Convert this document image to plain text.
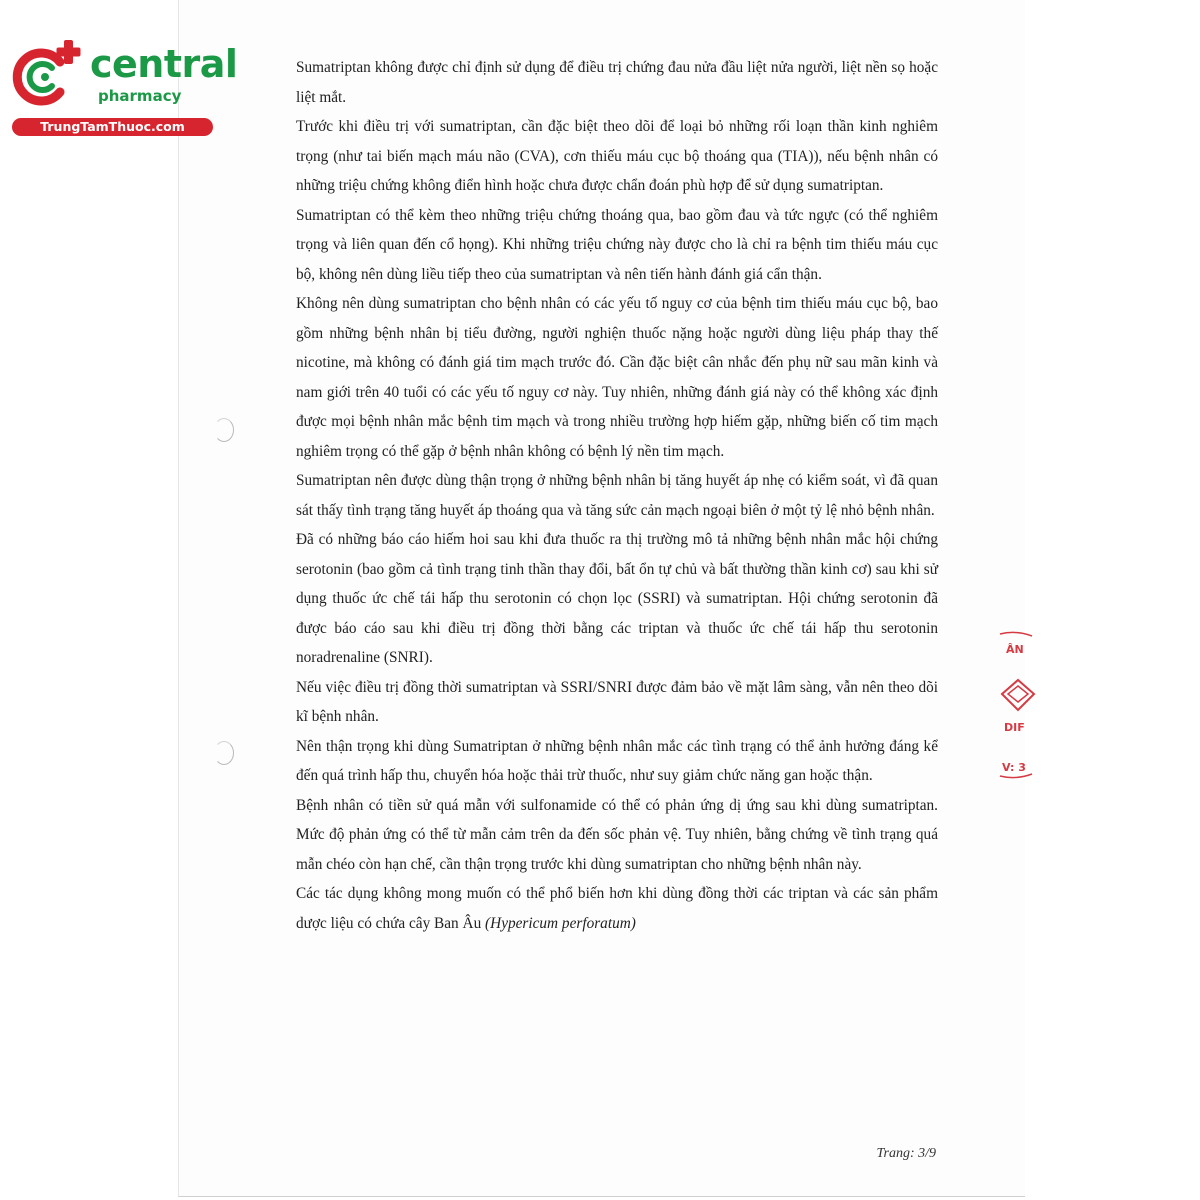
central
pharmacy
TrungTamThuoc.com

Sumatriptan không được chỉ định sử dụng để điều trị chứng đau nửa đầu liệt nửa người, liệt nền sọ hoặc liệt mắt.

Trước khi điều trị với sumatriptan, cần đặc biệt theo dõi để loại bỏ những rối loạn thần kinh nghiêm trọng (như tai biến mạch máu não (CVA), cơn thiếu máu cục bộ thoáng qua (TIA)), nếu bệnh nhân có những triệu chứng không điển hình hoặc chưa được chẩn đoán phù hợp để sử dụng sumatriptan.

Sumatriptan có thể kèm theo những triệu chứng thoáng qua, bao gồm đau và tức ngực (có thể nghiêm trọng và liên quan đến cổ họng). Khi những triệu chứng này được cho là chỉ ra bệnh tim thiếu máu cục bộ, không nên dùng liều tiếp theo của sumatriptan và nên tiến hành đánh giá cẩn thận.

Không nên dùng sumatriptan cho bệnh nhân có các yếu tố nguy cơ của bệnh tim thiếu máu cục bộ, bao gồm những bệnh nhân bị tiểu đường, người nghiện thuốc nặng hoặc người dùng liệu pháp thay thế nicotine, mà không có đánh giá tim mạch trước đó. Cần đặc biệt cân nhắc đến phụ nữ sau mãn kinh và nam giới trên 40 tuổi có các yếu tố nguy cơ này. Tuy nhiên, những đánh giá này có thể không xác định được mọi bệnh nhân mắc bệnh tim mạch và trong nhiều trường hợp hiếm gặp, những biến cố tim mạch nghiêm trọng có thể gặp ở bệnh nhân không có bệnh lý nền tim mạch.

Sumatriptan nên được dùng thận trọng ở những bệnh nhân bị tăng huyết áp nhẹ có kiểm soát, vì đã quan sát thấy tình trạng tăng huyết áp thoáng qua và tăng sức cản mạch ngoại biên ở một tỷ lệ nhỏ bệnh nhân.

Đã có những báo cáo hiếm hoi sau khi đưa thuốc ra thị trường mô tả những bệnh nhân mắc hội chứng serotonin (bao gồm cả tình trạng tinh thần thay đổi, bất ổn tự chủ và bất thường thần kinh cơ) sau khi sử dụng thuốc ức chế tái hấp thu serotonin có chọn lọc (SSRI) và sumatriptan. Hội chứng serotonin đã được báo cáo sau khi điều trị đồng thời bằng các triptan và thuốc ức chế tái hấp thu serotonin noradrenaline (SNRI).

Nếu việc điều trị đồng thời sumatriptan và SSRI/SNRI được đảm bảo về mặt lâm sàng, vẫn nên theo dõi kĩ bệnh nhân.

Nên thận trọng khi dùng Sumatriptan ở những bệnh nhân mắc các tình trạng có thể ảnh hưởng đáng kể đến quá trình hấp thu, chuyển hóa hoặc thải trừ thuốc, như suy giảm chức năng gan hoặc thận.

Bệnh nhân có tiền sử quá mẫn với sulfonamide có thể có phản ứng dị ứng sau khi dùng sumatriptan. Mức độ phản ứng có thể từ mẫn cảm trên da đến sốc phản vệ. Tuy nhiên, bằng chứng về tình trạng quá mẫn chéo còn hạn chế, cần thận trọng trước khi dùng sumatriptan cho những bệnh nhân này.

Các tác dụng không mong muốn có thể phổ biến hơn khi dùng đồng thời các triptan và các sản phẩm dược liệu có chứa cây Ban Âu (Hypericum perforatum)

Trang: 3/9
ÂN
DIF
V: 3
